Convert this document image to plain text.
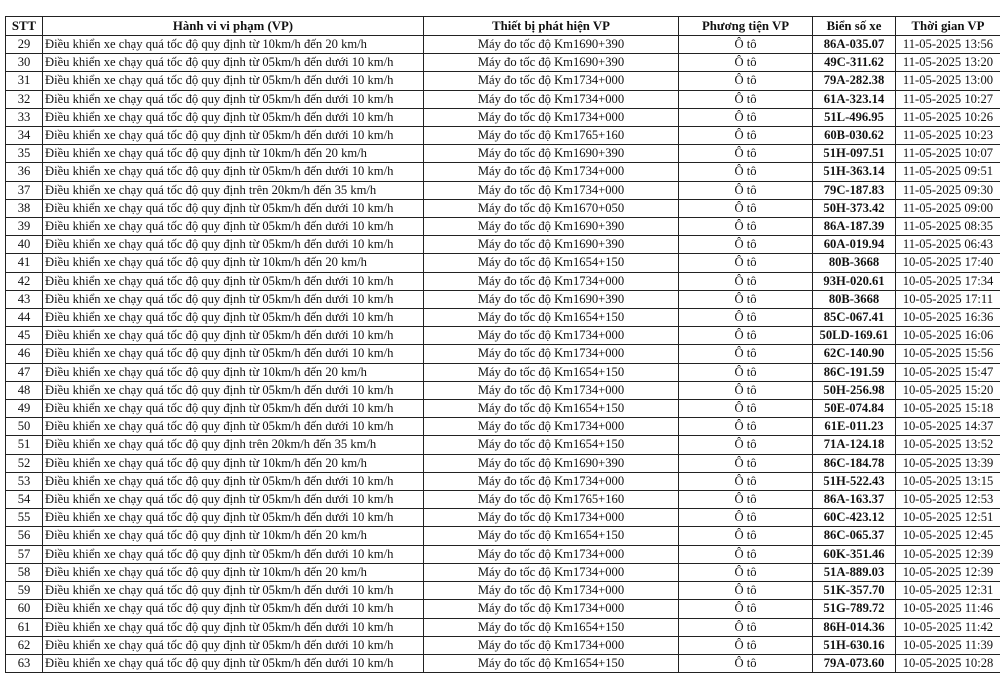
STT	Hành vi vi phạm (VP)	Thiết bị phát hiện VP	Phương tiện VP	Biển số xe	Thời gian VP
29	Điều khiển xe chạy quá tốc độ quy định từ 10km/h đến 20 km/h	Máy đo tốc độ Km1690+390	Ô tô	86A-035.07	11-05-2025 13:56
30	Điều khiển xe chạy quá tốc độ quy định từ 05km/h đến dưới 10 km/h	Máy đo tốc độ Km1690+390	Ô tô	49C-311.62	11-05-2025 13:20
31	Điều khiển xe chạy quá tốc độ quy định từ 05km/h đến dưới 10 km/h	Máy đo tốc độ Km1734+000	Ô tô	79A-282.38	11-05-2025 13:00
32	Điều khiển xe chạy quá tốc độ quy định từ 05km/h đến dưới 10 km/h	Máy đo tốc độ Km1734+000	Ô tô	61A-323.14	11-05-2025 10:27
33	Điều khiển xe chạy quá tốc độ quy định từ 05km/h đến dưới 10 km/h	Máy đo tốc độ Km1734+000	Ô tô	51L-496.95	11-05-2025 10:26
34	Điều khiển xe chạy quá tốc độ quy định từ 05km/h đến dưới 10 km/h	Máy đo tốc độ Km1765+160	Ô tô	60B-030.62	11-05-2025 10:23
35	Điều khiển xe chạy quá tốc độ quy định từ 10km/h đến 20 km/h	Máy đo tốc độ Km1690+390	Ô tô	51H-097.51	11-05-2025 10:07
36	Điều khiển xe chạy quá tốc độ quy định từ 05km/h đến dưới 10 km/h	Máy đo tốc độ Km1734+000	Ô tô	51H-363.14	11-05-2025 09:51
37	Điều khiển xe chạy quá tốc độ quy định trên 20km/h đến 35 km/h	Máy đo tốc độ Km1734+000	Ô tô	79C-187.83	11-05-2025 09:30
38	Điều khiển xe chạy quá tốc độ quy định từ 05km/h đến dưới 10 km/h	Máy đo tốc độ Km1670+050	Ô tô	50H-373.42	11-05-2025 09:00
39	Điều khiển xe chạy quá tốc độ quy định từ 05km/h đến dưới 10 km/h	Máy đo tốc độ Km1690+390	Ô tô	86A-187.39	11-05-2025 08:35
40	Điều khiển xe chạy quá tốc độ quy định từ 05km/h đến dưới 10 km/h	Máy đo tốc độ Km1690+390	Ô tô	60A-019.94	11-05-2025 06:43
41	Điều khiển xe chạy quá tốc độ quy định từ 10km/h đến 20 km/h	Máy đo tốc độ Km1654+150	Ô tô	80B-3668	10-05-2025 17:40
42	Điều khiển xe chạy quá tốc độ quy định từ 05km/h đến dưới 10 km/h	Máy đo tốc độ Km1734+000	Ô tô	93H-020.61	10-05-2025 17:34
43	Điều khiển xe chạy quá tốc độ quy định từ 05km/h đến dưới 10 km/h	Máy đo tốc độ Km1690+390	Ô tô	80B-3668	10-05-2025 17:11
44	Điều khiển xe chạy quá tốc độ quy định từ 05km/h đến dưới 10 km/h	Máy đo tốc độ Km1654+150	Ô tô	85C-067.41	10-05-2025 16:36
45	Điều khiển xe chạy quá tốc độ quy định từ 05km/h đến dưới 10 km/h	Máy đo tốc độ Km1734+000	Ô tô	50LD-169.61	10-05-2025 16:06
46	Điều khiển xe chạy quá tốc độ quy định từ 05km/h đến dưới 10 km/h	Máy đo tốc độ Km1734+000	Ô tô	62C-140.90	10-05-2025 15:56
47	Điều khiển xe chạy quá tốc độ quy định từ 10km/h đến 20 km/h	Máy đo tốc độ Km1654+150	Ô tô	86C-191.59	10-05-2025 15:47
48	Điều khiển xe chạy quá tốc độ quy định từ 05km/h đến dưới 10 km/h	Máy đo tốc độ Km1734+000	Ô tô	50H-256.98	10-05-2025 15:20
49	Điều khiển xe chạy quá tốc độ quy định từ 05km/h đến dưới 10 km/h	Máy đo tốc độ Km1654+150	Ô tô	50E-074.84	10-05-2025 15:18
50	Điều khiển xe chạy quá tốc độ quy định từ 05km/h đến dưới 10 km/h	Máy đo tốc độ Km1734+000	Ô tô	61E-011.23	10-05-2025 14:37
51	Điều khiển xe chạy quá tốc độ quy định trên 20km/h đến 35 km/h	Máy đo tốc độ Km1654+150	Ô tô	71A-124.18	10-05-2025 13:52
52	Điều khiển xe chạy quá tốc độ quy định từ 10km/h đến 20 km/h	Máy đo tốc độ Km1690+390	Ô tô	86C-184.78	10-05-2025 13:39
53	Điều khiển xe chạy quá tốc độ quy định từ 05km/h đến dưới 10 km/h	Máy đo tốc độ Km1734+000	Ô tô	51H-522.43	10-05-2025 13:15
54	Điều khiển xe chạy quá tốc độ quy định từ 05km/h đến dưới 10 km/h	Máy đo tốc độ Km1765+160	Ô tô	86A-163.37	10-05-2025 12:53
55	Điều khiển xe chạy quá tốc độ quy định từ 05km/h đến dưới 10 km/h	Máy đo tốc độ Km1734+000	Ô tô	60C-423.12	10-05-2025 12:51
56	Điều khiển xe chạy quá tốc độ quy định từ 10km/h đến 20 km/h	Máy đo tốc độ Km1654+150	Ô tô	86C-065.37	10-05-2025 12:45
57	Điều khiển xe chạy quá tốc độ quy định từ 05km/h đến dưới 10 km/h	Máy đo tốc độ Km1734+000	Ô tô	60K-351.46	10-05-2025 12:39
58	Điều khiển xe chạy quá tốc độ quy định từ 10km/h đến 20 km/h	Máy đo tốc độ Km1734+000	Ô tô	51A-889.03	10-05-2025 12:39
59	Điều khiển xe chạy quá tốc độ quy định từ 05km/h đến dưới 10 km/h	Máy đo tốc độ Km1734+000	Ô tô	51K-357.70	10-05-2025 12:31
60	Điều khiển xe chạy quá tốc độ quy định từ 05km/h đến dưới 10 km/h	Máy đo tốc độ Km1734+000	Ô tô	51G-789.72	10-05-2025 11:46
61	Điều khiển xe chạy quá tốc độ quy định từ 05km/h đến dưới 10 km/h	Máy đo tốc độ Km1654+150	Ô tô	86H-014.36	10-05-2025 11:42
62	Điều khiển xe chạy quá tốc độ quy định từ 05km/h đến dưới 10 km/h	Máy đo tốc độ Km1734+000	Ô tô	51H-630.16	10-05-2025 11:39
63	Điều khiển xe chạy quá tốc độ quy định từ 05km/h đến dưới 10 km/h	Máy đo tốc độ Km1654+150	Ô tô	79A-073.60	10-05-2025 10:28
